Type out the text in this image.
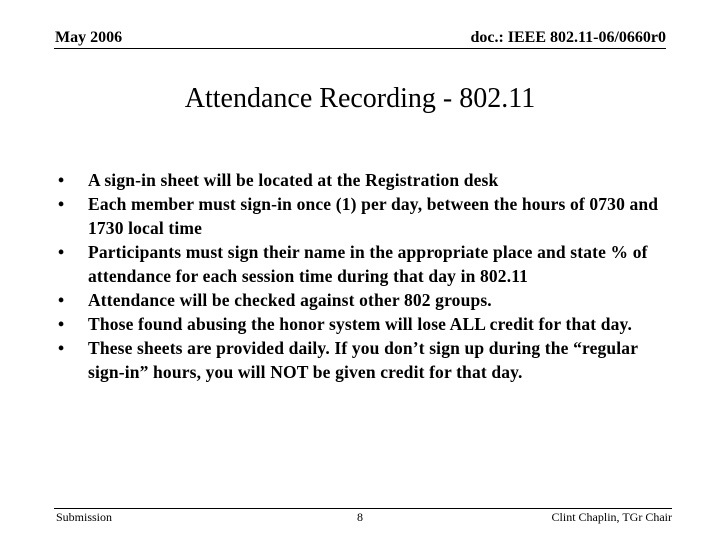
May 2006	doc.: IEEE 802.11-06/0660r0
Attendance Recording - 802.11
• A sign-in sheet will be located at the Registration desk
• Each member must sign-in once (1) per day, between the hours of 0730 and 1730 local time
• Participants must sign their name in the appropriate place and state % of attendance for each session time during that day in 802.11
• Attendance will be checked against other 802 groups.
• Those found abusing the honor system will lose ALL credit for that day.
• These sheets are provided daily. If you don’t sign up during the “regular sign-in” hours, you will NOT be given credit for that day.
Submission	8	Clint Chaplin, TGr Chair
